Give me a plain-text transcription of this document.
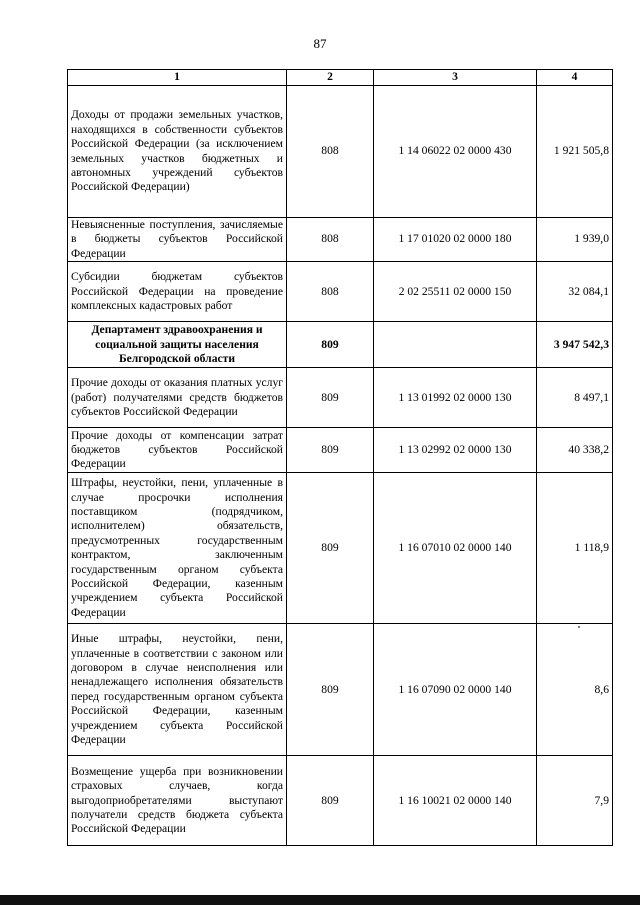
87
1	2	3	4
Доходы от продажи земельных участков, находящихся в собственности субъектов Российской Федерации (за исключением земельных участков бюджетных и автономных учреждений субъектов Российской Федерации)	808	1 14 06022 02 0000 430	1 921 505,8
Невыясненные поступления, зачисляемые в бюджеты субъектов Российской Федерации	808	1 17 01020 02 0000 180	1 939,0
Субсидии бюджетам субъектов Российской Федерации на проведение комплексных кадастровых работ	808	2 02 25511 02 0000 150	32 084,1
Департамент здравоохранения и социальной защиты населения Белгородской области	809		3 947 542,3
Прочие доходы от оказания платных услуг (работ) получателями средств бюджетов субъектов Российской Федерации	809	1 13 01992 02 0000 130	8 497,1
Прочие доходы от компенсации затрат бюджетов субъектов Российской Федерации	809	1 13 02992 02 0000 130	40 338,2
Штрафы, неустойки, пени, уплаченные в случае просрочки исполнения поставщиком (подрядчиком, исполнителем) обязательств, предусмотренных государственным контрактом, заключенным государственным органом субъекта Российской Федерации, казенным учреждением субъекта Российской Федерации	809	1 16 07010 02 0000 140	1 118,9
Иные штрафы, неустойки, пени, уплаченные в соответствии с законом или договором в случае неисполнения или ненадлежащего исполнения обязательств перед государственным органом субъекта Российской Федерации, казенным учреждением субъекта Российской Федерации	809	1 16 07090 02 0000 140	8,6
Возмещение ущерба при возникновении страховых случаев, когда выгодоприобретателями выступают получатели средств бюджета субъекта Российской Федерации	809	1 16 10021 02 0000 140	7,9
